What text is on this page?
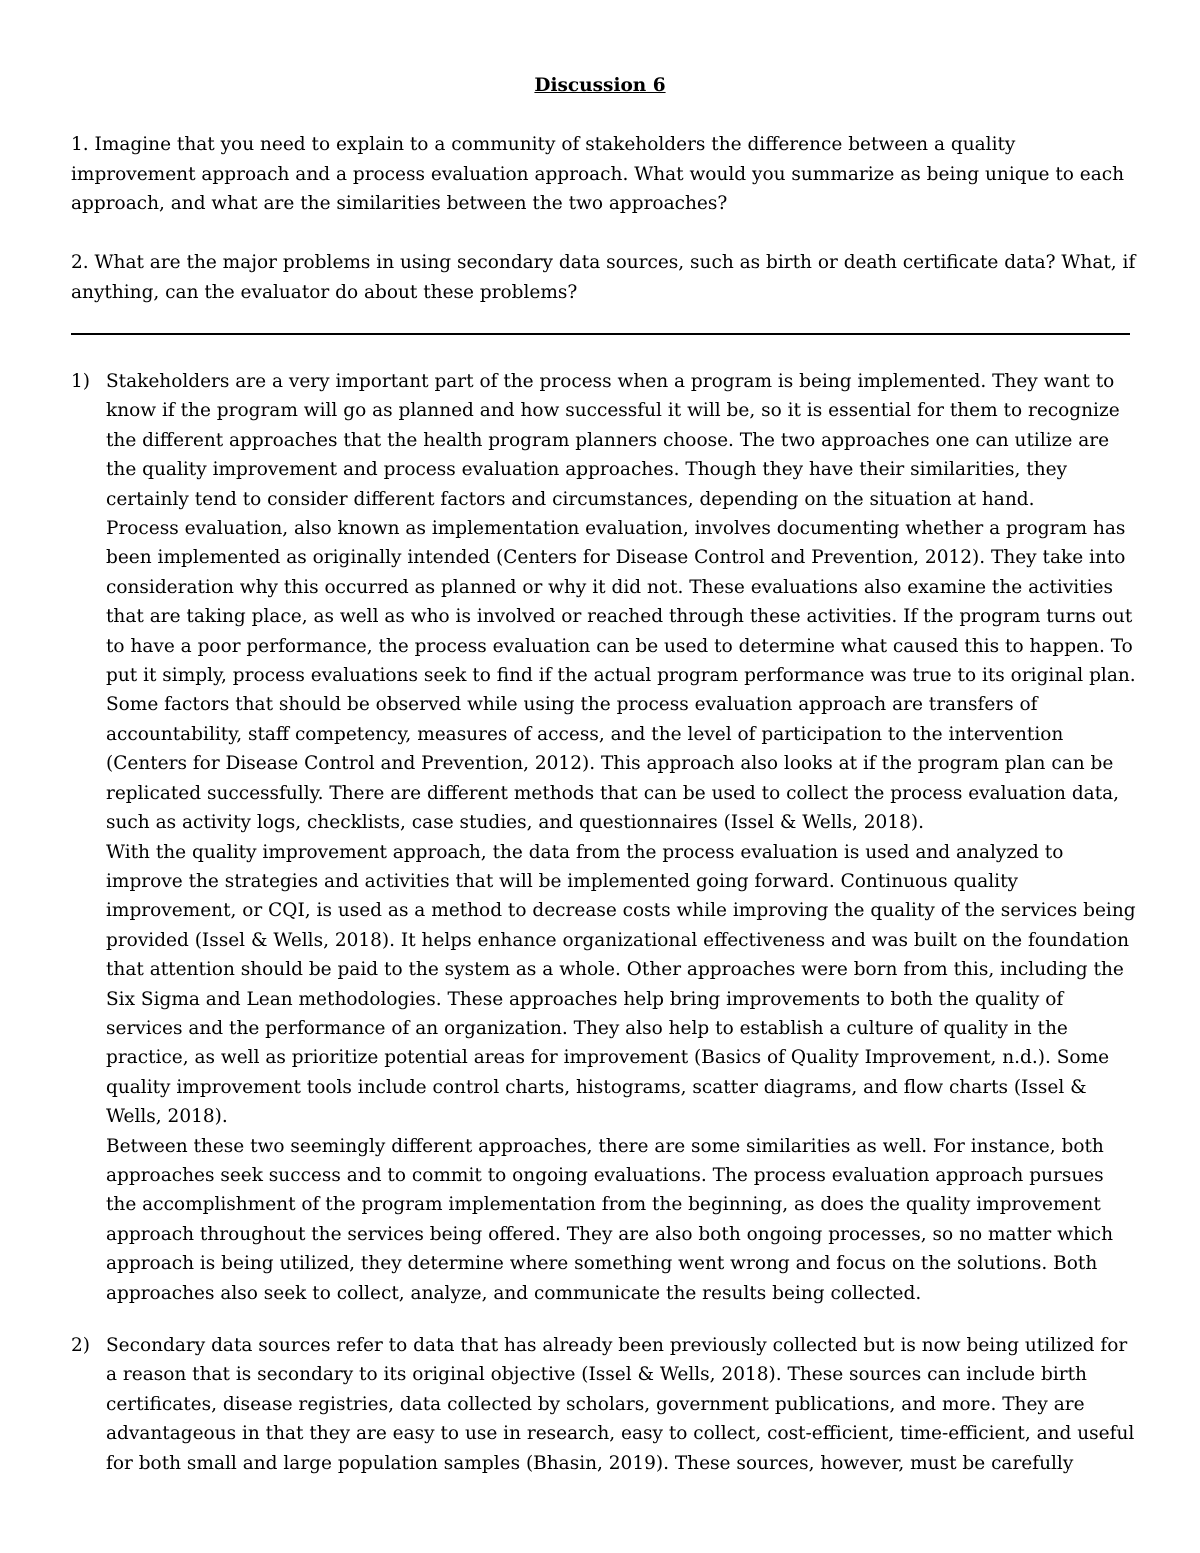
Discussion 6
1. Imagine that you need to explain to a community of stakeholders the difference between a quality improvement approach and a process evaluation approach. What would you summarize as being unique to each approach, and what are the similarities between the two approaches?
2. What are the major problems in using secondary data sources, such as birth or death certificate data? What, if anything, can the evaluator do about these problems?
1) Stakeholders are a very important part of the process when a program is being implemented. They want to know if the program will go as planned and how successful it will be, so it is essential for them to recognize the different approaches that the health program planners choose. The two approaches one can utilize are the quality improvement and process evaluation approaches. Though they have their similarities, they certainly tend to consider different factors and circumstances, depending on the situation at hand.

Process evaluation, also known as implementation evaluation, involves documenting whether a program has been implemented as originally intended (Centers for Disease Control and Prevention, 2012). They take into consideration why this occurred as planned or why it did not. These evaluations also examine the activities that are taking place, as well as who is involved or reached through these activities. If the program turns out to have a poor performance, the process evaluation can be used to determine what caused this to happen. To put it simply, process evaluations seek to find if the actual program performance was true to its original plan. Some factors that should be observed while using the process evaluation approach are transfers of accountability, staff competency, measures of access, and the level of participation to the intervention (Centers for Disease Control and Prevention, 2012). This approach also looks at if the program plan can be replicated successfully. There are different methods that can be used to collect the process evaluation data, such as activity logs, checklists, case studies, and questionnaires (Issel & Wells, 2018).

With the quality improvement approach, the data from the process evaluation is used and analyzed to improve the strategies and activities that will be implemented going forward. Continuous quality improvement, or CQI, is used as a method to decrease costs while improving the quality of the services being provided (Issel & Wells, 2018). It helps enhance organizational effectiveness and was built on the foundation that attention should be paid to the system as a whole. Other approaches were born from this, including the Six Sigma and Lean methodologies. These approaches help bring improvements to both the quality of services and the performance of an organization. They also help to establish a culture of quality in the practice, as well as prioritize potential areas for improvement (Basics of Quality Improvement, n.d.). Some quality improvement tools include control charts, histograms, scatter diagrams, and flow charts (Issel & Wells, 2018).

Between these two seemingly different approaches, there are some similarities as well. For instance, both approaches seek success and to commit to ongoing evaluations. The process evaluation approach pursues the accomplishment of the program implementation from the beginning, as does the quality improvement approach throughout the services being offered. They are also both ongoing processes, so no matter which approach is being utilized, they determine where something went wrong and focus on the solutions. Both approaches also seek to collect, analyze, and communicate the results being collected.

2) Secondary data sources refer to data that has already been previously collected but is now being utilized for a reason that is secondary to its original objective (Issel & Wells, 2018). These sources can include birth certificates, disease registries, data collected by scholars, government publications, and more. They are advantageous in that they are easy to use in research, easy to collect, cost-efficient, time-efficient, and useful for both small and large population samples (Bhasin, 2019). These sources, however, must be carefully
